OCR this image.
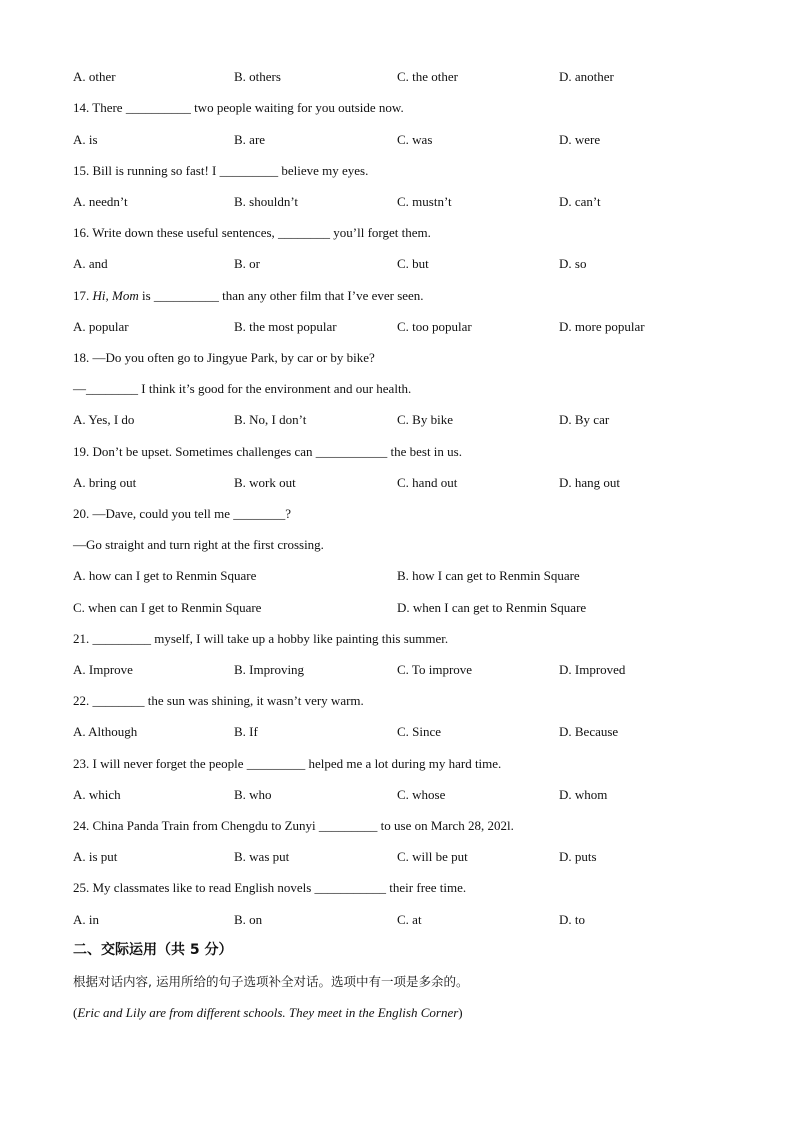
A. other	B. others	C. the other	D. another
14. There __________ two people waiting for you outside now.
A. is	B. are	C. was	D. were
15. Bill is running so fast! I _________ believe my eyes.
A. needn’t	B. shouldn’t	C. mustn’t	D. can’t
16. Write down these useful sentences, ________ you’ll forget them.
A. and	B. or	C. but	D. so
17. Hi, Mom is __________ than any other film that I’ve ever seen.
A. popular	B. the most popular	C. too popular	D. more popular
18. —Do you often go to Jingyue Park, by car or by bike?
—________ I think it’s good for the environment and our health.
A. Yes, I do	B. No, I don’t	C. By bike	D. By car
19. Don’t be upset. Sometimes challenges can ___________ the best in us.
A. bring out	B. work out	C. hand out	D. hang out
20. —Dave, could you tell me ________?
—Go straight and turn right at the first crossing.
A. how can I get to Renmin Square	B. how I can get to Renmin Square
C. when can I get to Renmin Square	D. when I can get to Renmin Square
21. _________ myself, I will take up a hobby like painting this summer.
A. Improve	B. Improving	C. To improve	D. Improved
22. ________ the sun was shining, it wasn’t very warm.
A. Although	B. If	C. Since	D. Because
23. I will never forget the people _________ helped me a lot during my hard time.
A. which	B. who	C. whose	D. whom
24. China Panda Train from Chengdu to Zunyi _________ to use on March 28, 202l.
A. is put	B. was put	C. will be put	D. puts
25. My classmates like to read English novels ___________ their free time.
A. in	B. on	C. at	D. to
二、交际运用（共 5 分）
根据对话内容, 运用所给的句子选项补全对话。选项中有一项是多余的。
(Eric and Lily are from different schools. They meet in the English Corner)
